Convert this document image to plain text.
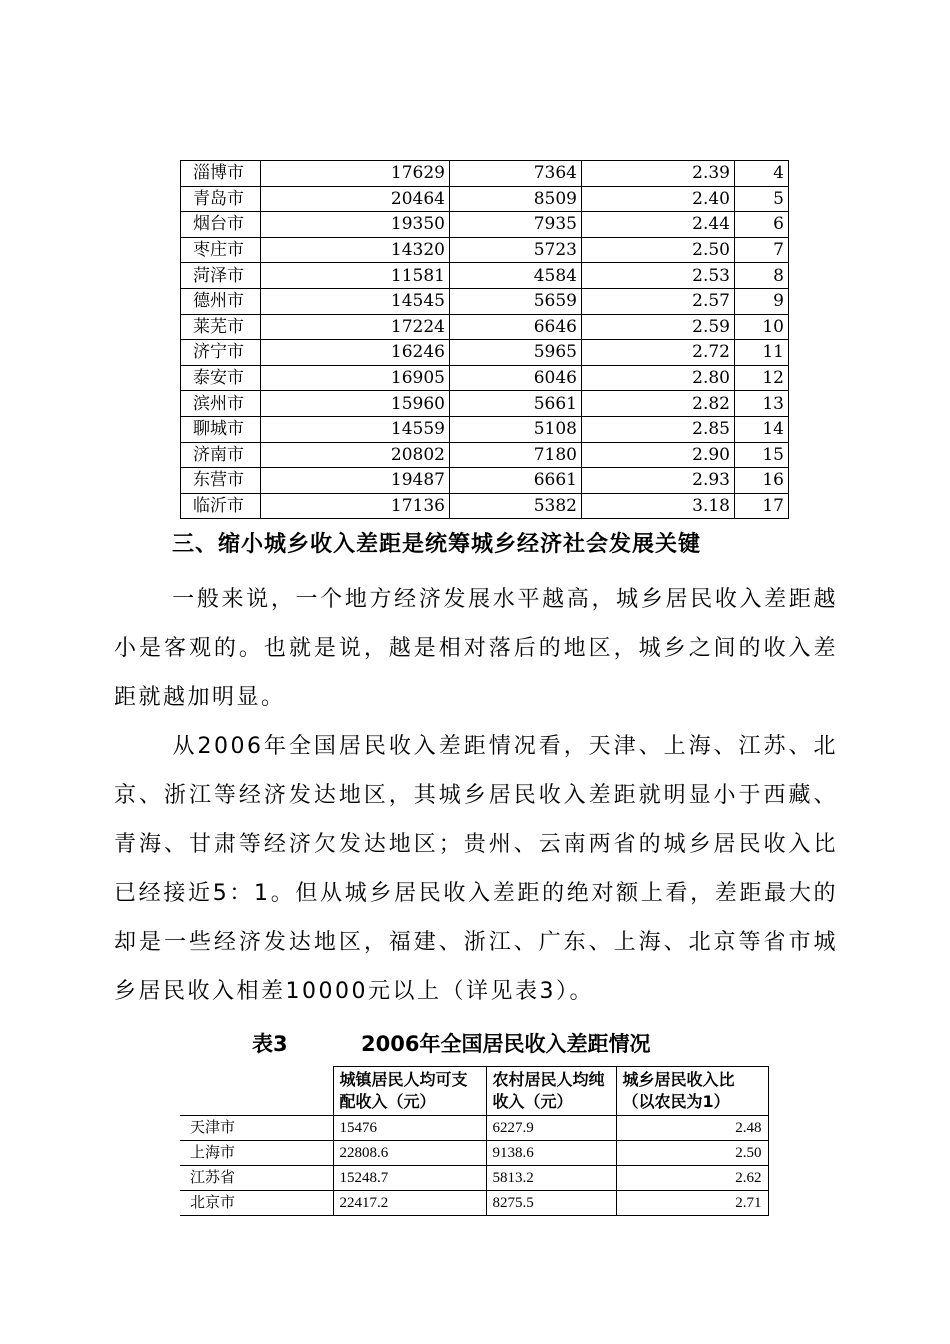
淄博市	17629	7364	2.39	4
青岛市	20464	8509	2.40	5
烟台市	19350	7935	2.44	6
枣庄市	14320	5723	2.50	7
菏泽市	11581	4584	2.53	8
德州市	14545	5659	2.57	9
莱芜市	17224	6646	2.59	10
济宁市	16246	5965	2.72	11
泰安市	16905	6046	2.80	12
滨州市	15960	5661	2.82	13
聊城市	14559	5108	2.85	14
济南市	20802	7180	2.90	15
东营市	19487	6661	2.93	16
临沂市	17136	5382	3.18	17
三、缩小城乡收入差距是统筹城乡经济社会发展关键

一般来说，一个地方经济发展水平越高，城乡居民收入差距越小是客观的。也就是说，越是相对落后的地区，城乡之间的收入差距就越加明显。

从2006年全国居民收入差距情况看，天津、上海、江苏、北京、浙江等经济发达地区，其城乡居民收入差距就明显小于西藏、青海、甘肃等经济欠发达地区；贵州、云南两省的城乡居民收入比已经接近5：1。但从城乡居民收入差距的绝对额上看，差距最大的却是一些经济发达地区，福建、浙江、广东、上海、北京等省市城乡居民收入相差10000元以上（详见表3）。

表3	2006年全国居民收入差距情况
	城镇居民人均可支配收入（元）	农村居民人均纯收入（元）	城乡居民收入比（以农民为1）
天津市	15476	6227.9	2.48
上海市	22808.6	9138.6	2.50
江苏省	15248.7	5813.2	2.62
北京市	22417.2	8275.5	2.71
